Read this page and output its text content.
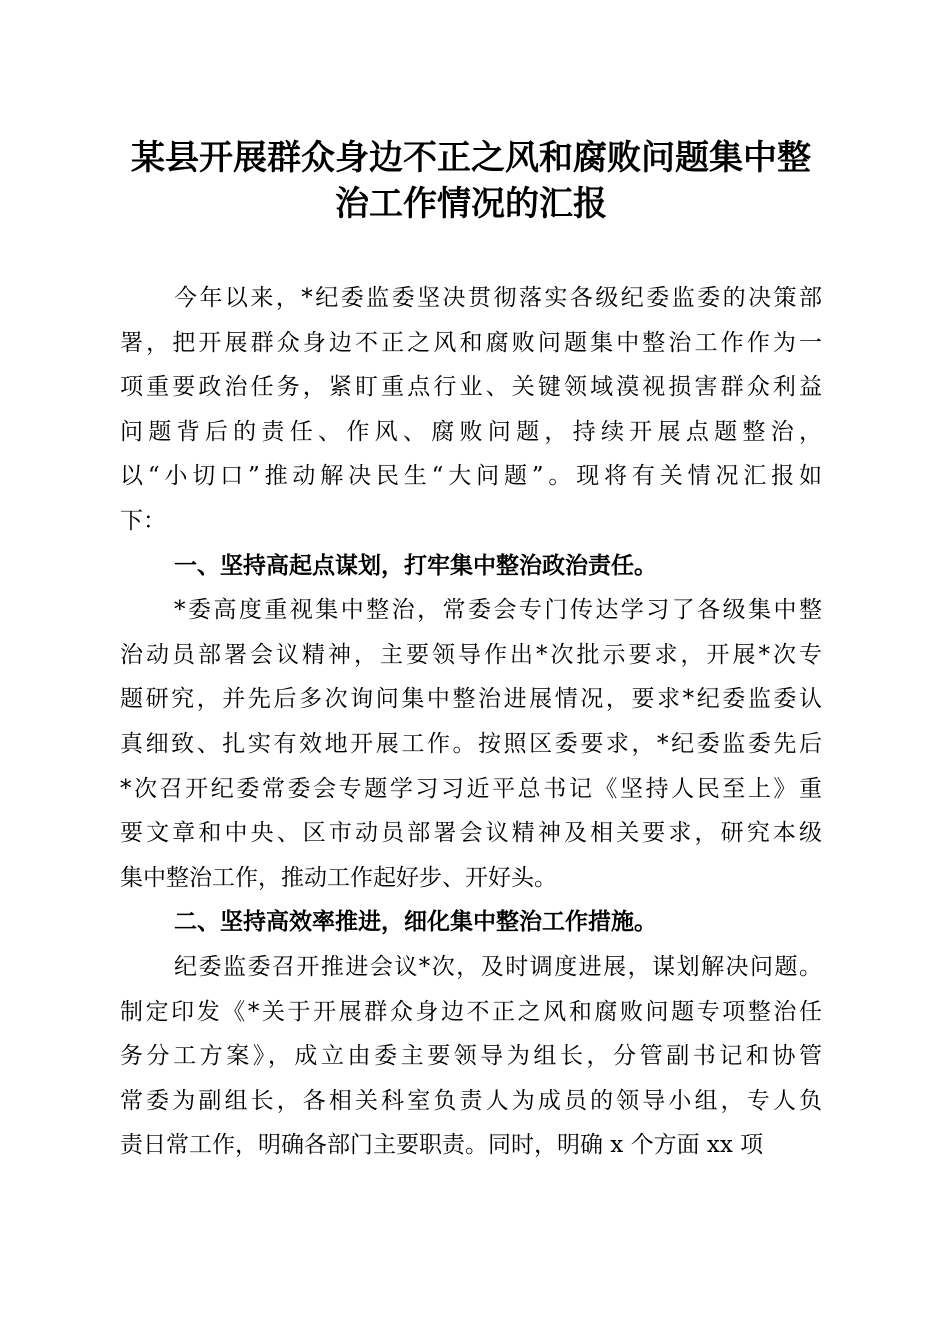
某县开展群众身边不正之风和腐败问题集中整
治工作情况的汇报
今年以来，*纪委监委坚决贯彻落实各级纪委监委的决策部
署，把开展群众身边不正之风和腐败问题集中整治工作作为一
项重要政治任务，紧盯重点行业、关键领域漠视损害群众利益
问题背后的责任、作风、腐败问题，持续开展点题整治，
以“小切口”推动解决民生“大问题”。现将有关情况汇报如
下：
一、坚持高起点谋划，打牢集中整治政治责任。
*委高度重视集中整治，常委会专门传达学习了各级集中整
治动员部署会议精神，主要领导作出*次批示要求，开展*次专
题研究，并先后多次询问集中整治进展情况，要求*纪委监委认
真细致、扎实有效地开展工作。按照区委要求，*纪委监委先后
*次召开纪委常委会专题学习习近平总书记《坚持人民至上》重
要文章和中央、区市动员部署会议精神及相关要求，研究本级
集中整治工作，推动工作起好步、开好头。
二、坚持高效率推进，细化集中整治工作措施。
纪委监委召开推进会议*次，及时调度进展，谋划解决问题。
制定印发《*关于开展群众身边不正之风和腐败问题专项整治任
务分工方案》，成立由委主要领导为组长，分管副书记和协管
常委为副组长，各相关科室负责人为成员的领导小组，专人负
责日常工作，明确各部门主要职责。同时，明确 x 个方面 xx 项
